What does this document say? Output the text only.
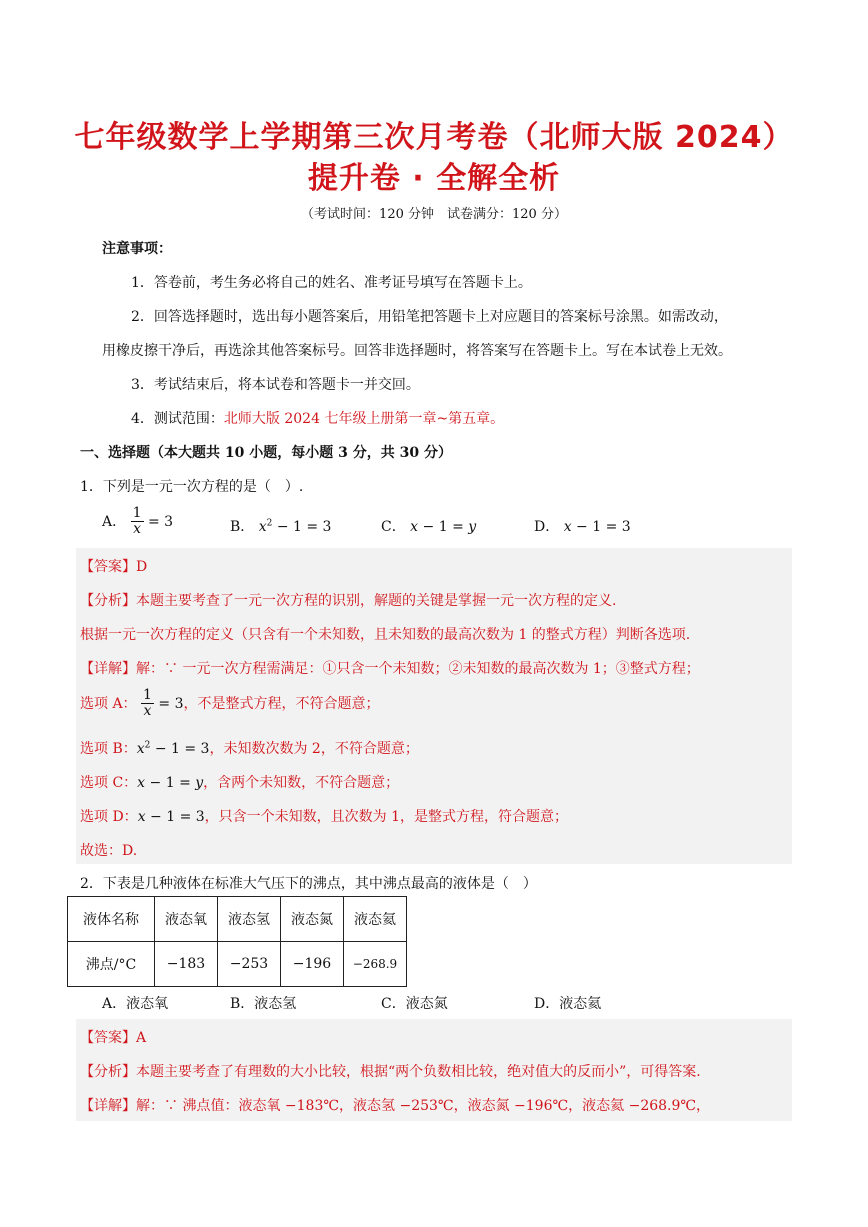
七年级数学上学期第三次月考卷（北师大版 2024）
提升卷 · 全解全析
（考试时间：120 分钟　试卷满分：120 分）
注意事项：
1．答卷前，考生务必将自己的姓名、准考证号填写在答题卡上。
2．回答选择题时，选出每小题答案后，用铅笔把答题卡上对应题目的答案标号涂黑。如需改动，
用橡皮擦干净后，再选涂其他答案标号。回答非选择题时，将答案写在答题卡上。写在本试卷上无效。
3．考试结束后，将本试卷和答题卡一并交回。
4．测试范围：北师大版 2024 七年级上册第一章~第五章。
一、选择题（本大题共 10 小题，每小题 3 分，共 30 分）
1．下列是一元一次方程的是（　）.
A． $\frac{1}{x} = 3$	B． $x^2 - 1 = 3$	C． x − 1 = y	D． x − 1 = 3
【答案】D
【分析】本题主要考查了一元一次方程的识别，解题的关键是掌握一元一次方程的定义.
根据一元一次方程的定义（只含有一个未知数，且未知数的最高次数为 1 的整式方程）判断各选项.
【详解】解：∵ 一元一次方程需满足：①只含一个未知数；②未知数的最高次数为 1；③整式方程；
选项 A： $\frac{1}{x} = 3$，不是整式方程，不符合题意；
选项 B：$x^2 - 1 = 3$，未知数次数为 2，不符合题意；
选项 C：x − 1 = y，含两个未知数，不符合题意；
选项 D：x − 1 = 3，只含一个未知数，且次数为 1，是整式方程，符合题意；
故选：D.
2．下表是几种液体在标准大气压下的沸点，其中沸点最高的液体是（　）
液体名称	液态氧	液态氢	液态氮	液态氦
沸点/°C	−183	−253	−196	−268.9
A．液态氧	B．液态氢	C．液态氮	D．液态氦
【答案】A
【分析】本题主要考查了有理数的大小比较，根据“两个负数相比较，绝对值大的反而小”，可得答案.
【详解】解：∵ 沸点值：液态氧 −183℃，液态氢 −253℃，液态氮 −196℃，液态氦 −268.9℃，
